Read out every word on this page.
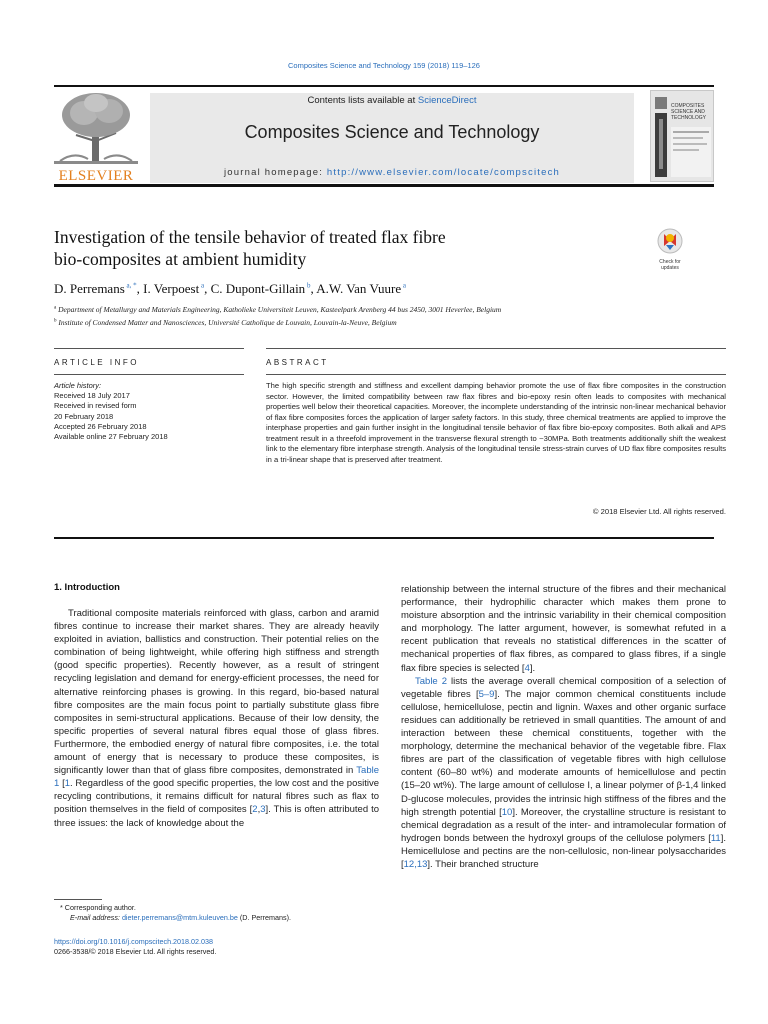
Composites Science and Technology 159 (2018) 119–126
ELSEVIER
Contents lists available at ScienceDirect
Composites Science and Technology
journal homepage: http://www.elsevier.com/locate/compscitech
COMPOSITES
SCIENCE AND
TECHNOLOGY
Investigation of the tensile behavior of treated flax fibre
bio-composites at ambient humidity	Check for
updates
D. Perremans $^{a, *}$, I. Verpoest $^a$, C. Dupont-Gillain $^b$, A.W. Van Vuure $^a$
$^a$ Department of Metallurgy and Materials Engineering, Katholieke Universiteit Leuven, Kasteelpark Arenberg 44 bus 2450, 3001 Heverlee, Belgium
$^b$ Institute of Condensed Matter and Nanosciences, Université Catholique de Louvain, Louvain-la-Neuve, Belgium
ARTICLE INFO	ABSTRACT
Article history:
Received 18 July 2017
Received in revised form
20 February 2018
Accepted 26 February 2018
Available online 27 February 2018
The high specific strength and stiffness and excellent damping behavior promote the use of flax fibre composites in the construction sector. However, the limited compatibility between raw flax fibres and bio-epoxy resin often leads to composites with mechanical properties well below their theoretical capacities. Moreover, the incomplete understanding of the intrinsic non-linear mechanical behavior of flax fibre composites forces the application of larger safety factors. In this study, three chemical treatments are applied to improve the interphase properties and gain further insight in the longitudinal tensile behavior of flax fibre bio-epoxy composites. Both alkali and APS treatment result in a threefold improvement in the transverse flexural strength to ~30MPa. Both treatments additionally shift the weakest link to the elementary fibre interphase strength. Analysis of the longitudinal tensile stress-strain curves of UD flax fibre composites results in a tri-linear shape that is preserved after treatment.
© 2018 Elsevier Ltd. All rights reserved.
1. Introduction

Traditional composite materials reinforced with glass, carbon and aramid fibres continue to increase their market shares. They are already heavily exploited in aviation, ballistics and construction. Their potential relies on the combination of being lightweight, while offering high stiffness and strength (good specific properties). Recently however, as a result of stringent recycling legislation and demand for energy-efficient processes, the need for alternative reinforcing phases is growing. In this regard, bio-based natural fibre composites are the main focus point to partially substitute glass fibre composites in semi-structural applications. Because of their low density, the specific properties of several natural fibres equal those of glass fibres. Furthermore, the embodied energy of natural fibre composites, i.e. the total amount of energy that is necessary to produce these composites, is significantly lower than that of glass fibre composites, demonstrated in Table 1 [1. Regardless of the good specific properties, the low cost and the positive recycling contributions, it remains difficult for natural fibres such as flax to position themselves in the field of composites [2,3]. This is often attributed to three issues: the lack of knowledge about the

relationship between the internal structure of the fibres and their mechanical performance, their hydrophilic character which makes them prone to moisture absorption and the intrinsic variability in their chemical composition and morphology. The latter argument, however, is somewhat refuted in a recent publication that reveals no statistical differences in the scatter of mechanical properties of flax fibres, as compared to glass fibres, if a single flax fibre species is selected [4].

Table 2 lists the average overall chemical composition of a selection of vegetable fibres [5–9]. The major common chemical constituents include cellulose, hemicellulose, pectin and lignin. Waxes and other organic surface residues can additionally be retrieved in small quantities. The amount of and interaction between these chemical constituents, together with the morphology, determine the mechanical behavior of the vegetable fibre. Flax fibres are part of the classification of vegetable fibres with high cellulose content (60–80 wt%) and moderate amounts of hemicellulose and pectin (15–20 wt%). The large amount of cellulose I, a linear polymer of β-1,4 linked D-glucose molecules, provides the intrinsic high stiffness of the fibres and the high strength potential [10]. Moreover, the crystalline structure is resistant to chemical degradation as a result of the inter- and intramolecular formation of hydrogen bonds between the hydroxyl groups of the cellulose polymers [11]. Hemicellulose and pectins are the non-cellulosic, non-linear polysaccharides [12,13]. Their branched structure

* Corresponding author.
E-mail address: dieter.perremans@mtm.kuleuven.be (D. Perremans).
https://doi.org/10.1016/j.compscitech.2018.02.038
0266-3538/© 2018 Elsevier Ltd. All rights reserved.
